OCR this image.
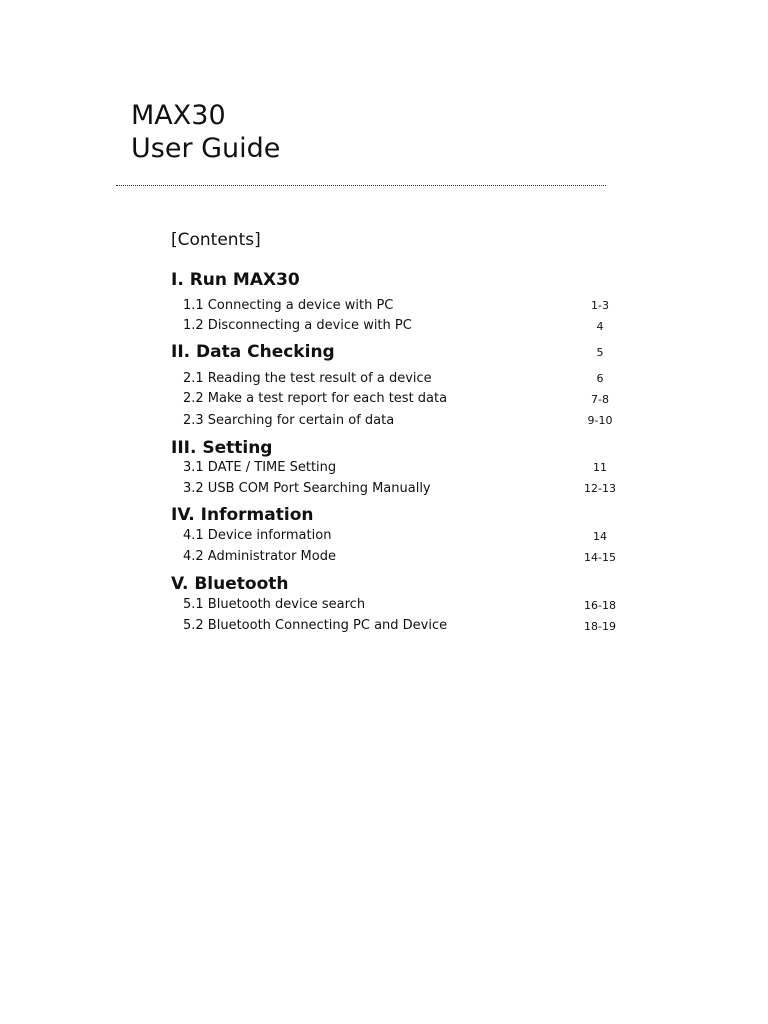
MAX30
User Guide
[Contents]
I. Run MAX30
1.1 Connecting a device with PC	1-3
1.2 Disconnecting a device with PC	4
II. Data Checking	5
2.1 Reading the test result of a device	6
2.2 Make a test report for each test data	7-8
2.3 Searching for certain of data	9-10
III. Setting
3.1 DATE / TIME Setting	11
3.2 USB COM Port Searching Manually	12-13
IV. Information
4.1 Device information	14
4.2 Administrator Mode	14-15
V. Bluetooth
5.1 Bluetooth device search	16-18
5.2 Bluetooth Connecting PC and Device	18-19
